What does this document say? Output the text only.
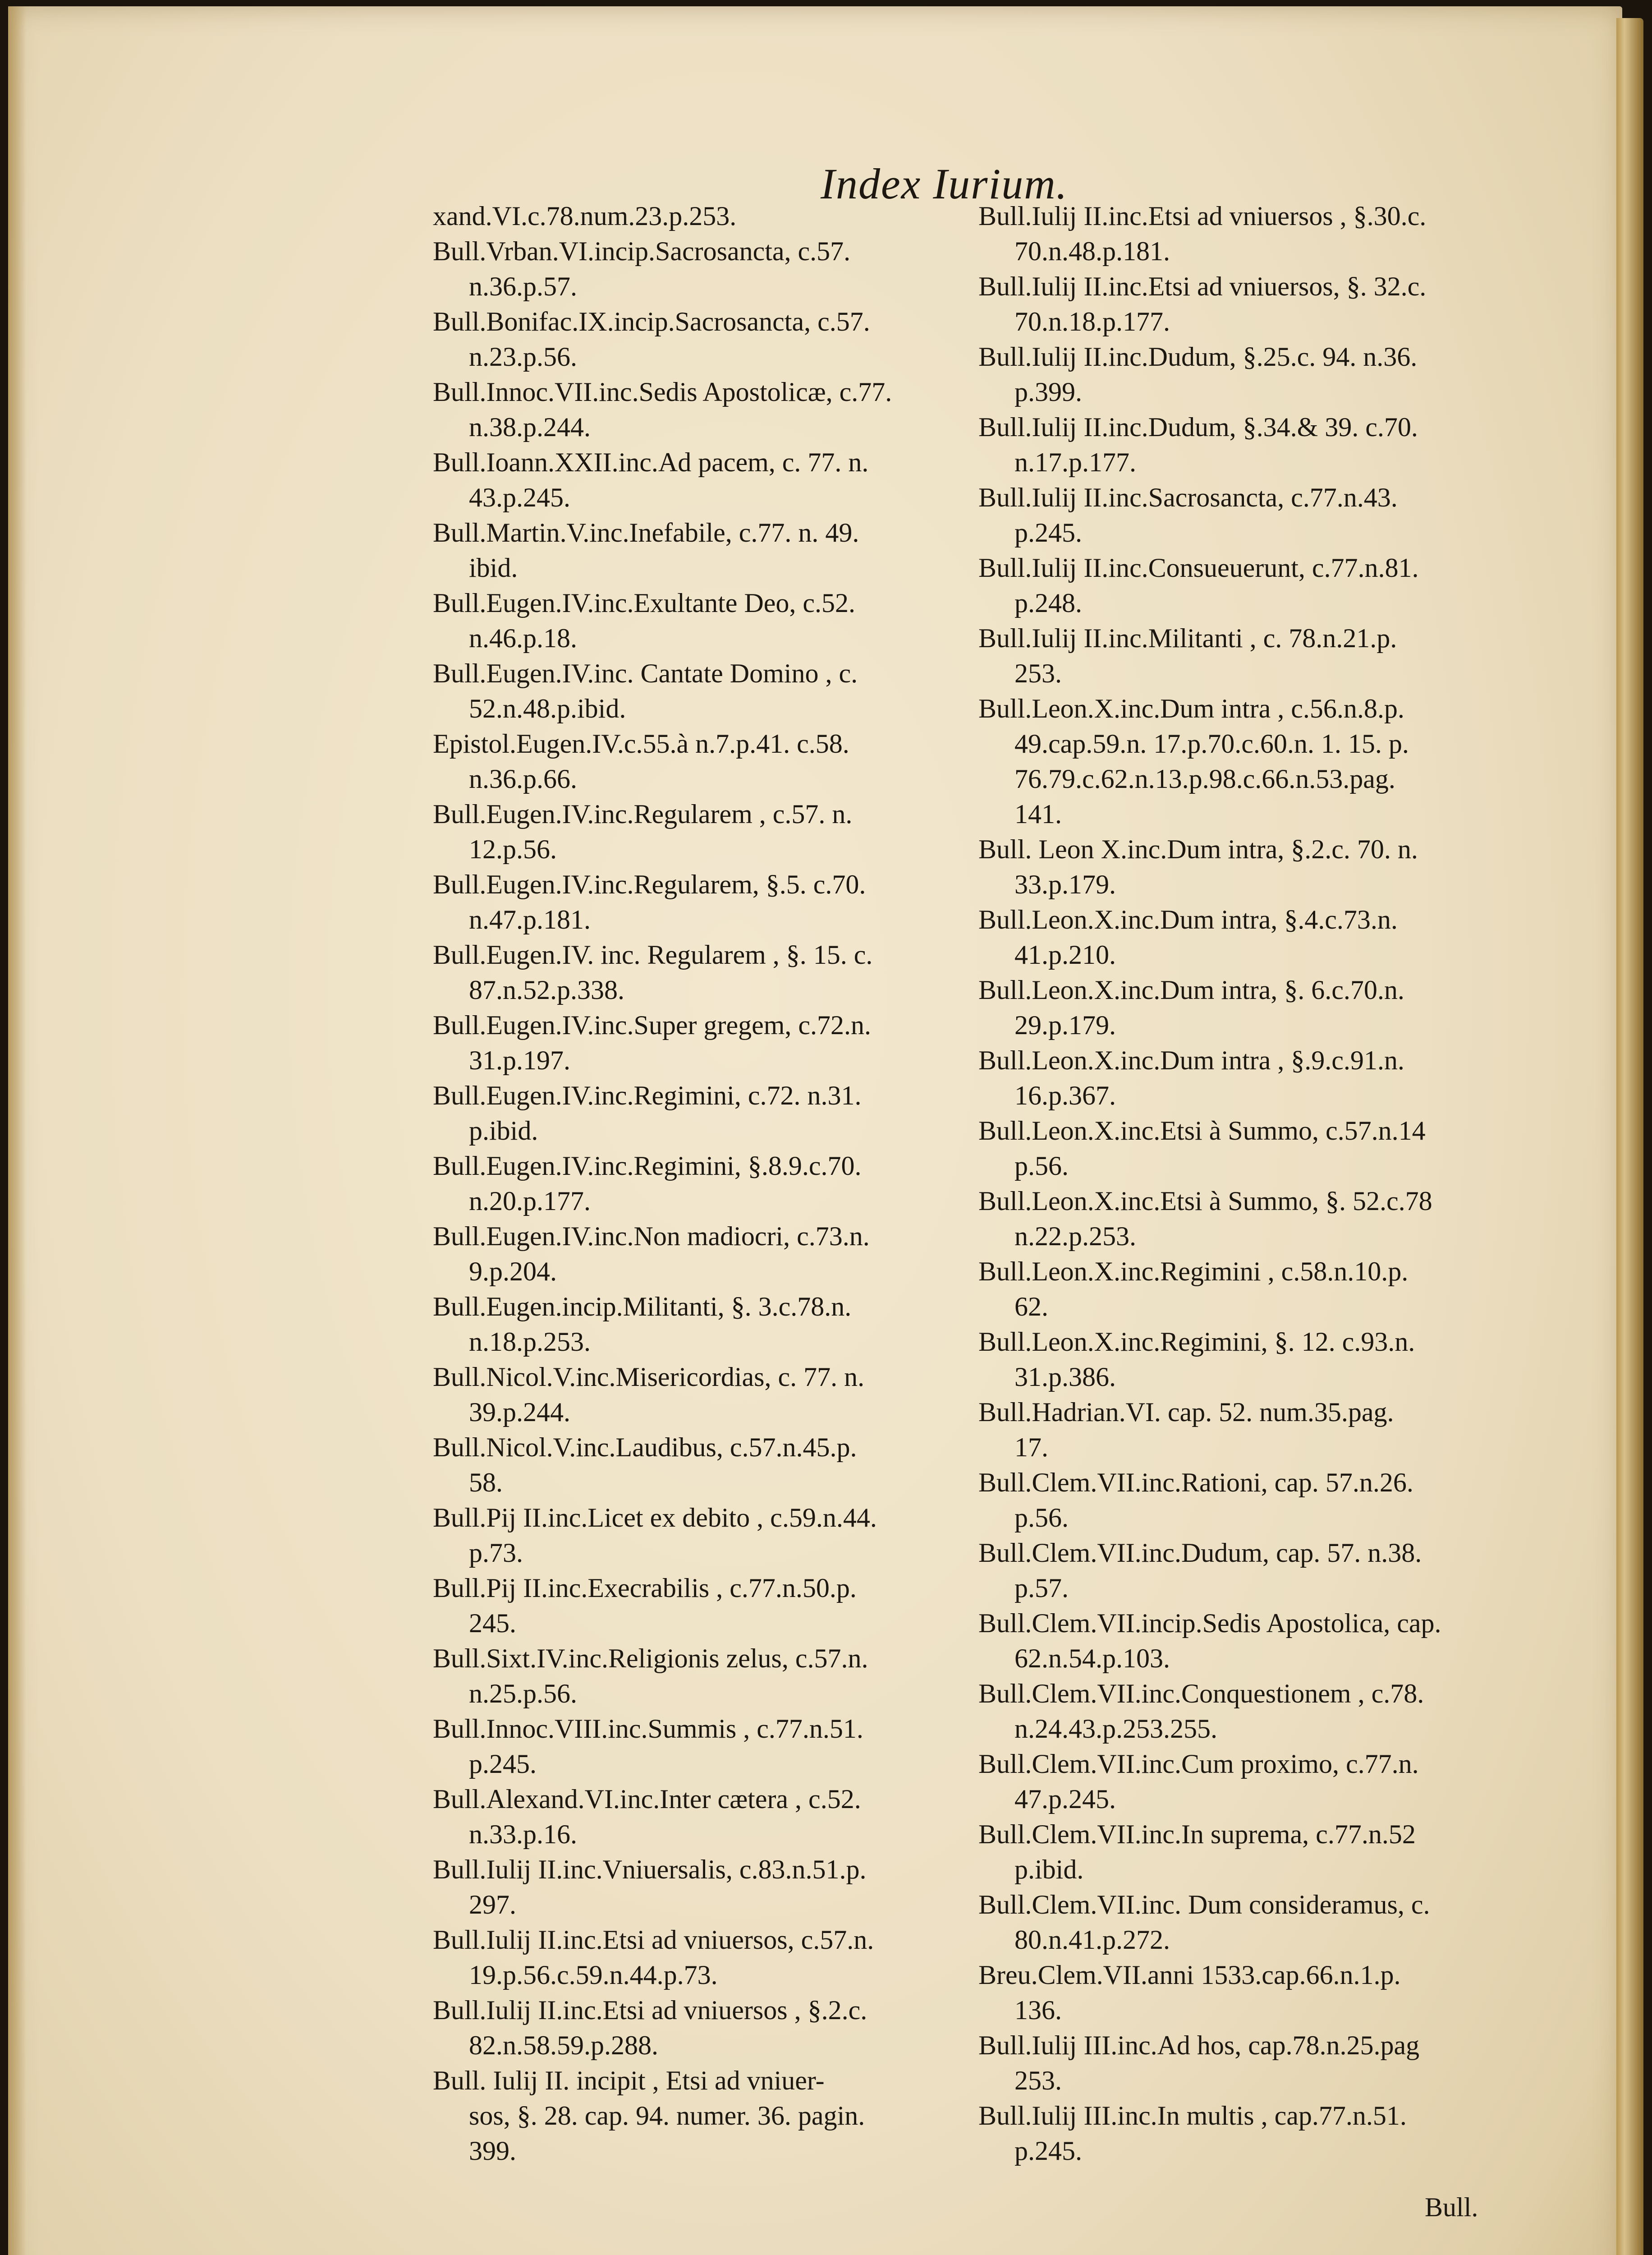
Index Iurium.
xand.VI.c.78.num.23.p.253.
Bull.Vrban.VI.incip.Sacrosancta, c.57.
n.36.p.57.
Bull.Bonifac.IX.incip.Sacrosancta, c.57.
n.23.p.56.
Bull.Innoc.VII.inc.Sedis Apostolicæ, c.77.
n.38.p.244.
Bull.Ioann.XXII.inc.Ad pacem, c. 77. n.
43.p.245.
Bull.Martin.V.inc.Inefabile, c.77. n. 49.
ibid.
Bull.Eugen.IV.inc.Exultante Deo, c.52.
n.46.p.18.
Bull.Eugen.IV.inc. Cantate Domino , c.
52.n.48.p.ibid.
Epistol.Eugen.IV.c.55.à n.7.p.41. c.58.
n.36.p.66.
Bull.Eugen.IV.inc.Regularem , c.57. n.
12.p.56.
Bull.Eugen.IV.inc.Regularem, §.5. c.70.
n.47.p.181.
Bull.Eugen.IV. inc. Regularem , §. 15. c.
87.n.52.p.338.
Bull.Eugen.IV.inc.Super gregem, c.72.n.
31.p.197.
Bull.Eugen.IV.inc.Regimini, c.72. n.31.
p.ibid.
Bull.Eugen.IV.inc.Regimini, §.8.9.c.70.
n.20.p.177.
Bull.Eugen.IV.inc.Non madiocri, c.73.n.
9.p.204.
Bull.Eugen.incip.Militanti, §. 3.c.78.n.
n.18.p.253.
Bull.Nicol.V.inc.Misericordias, c. 77. n.
39.p.244.
Bull.Nicol.V.inc.Laudibus, c.57.n.45.p.
58.
Bull.Pij II.inc.Licet ex debito , c.59.n.44.
p.73.
Bull.Pij II.inc.Execrabilis , c.77.n.50.p.
245.
Bull.Sixt.IV.inc.Religionis zelus, c.57.n.
n.25.p.56.
Bull.Innoc.VIII.inc.Summis , c.77.n.51.
p.245.
Bull.Alexand.VI.inc.Inter cætera , c.52.
n.33.p.16.
Bull.Iulij II.inc.Vniuersalis, c.83.n.51.p.
297.
Bull.Iulij II.inc.Etsi ad vniuersos, c.57.n.
19.p.56.c.59.n.44.p.73.
Bull.Iulij II.inc.Etsi ad vniuersos , §.2.c.
82.n.58.59.p.288.
Bull. Iulij II. incipit , Etsi ad vniuer-
sos, §. 28. cap. 94. numer. 36. pagin.
399.
Bull.Iulij II.inc.Etsi ad vniuersos , §.30.c.
70.n.48.p.181.
Bull.Iulij II.inc.Etsi ad vniuersos, §. 32.c.
70.n.18.p.177.
Bull.Iulij II.inc.Dudum, §.25.c. 94. n.36.
p.399.
Bull.Iulij II.inc.Dudum, §.34.& 39. c.70.
n.17.p.177.
Bull.Iulij II.inc.Sacrosancta, c.77.n.43.
p.245.
Bull.Iulij II.inc.Consueuerunt, c.77.n.81.
p.248.
Bull.Iulij II.inc.Militanti , c. 78.n.21.p.
253.
Bull.Leon.X.inc.Dum intra , c.56.n.8.p.
49.cap.59.n. 17.p.70.c.60.n. 1. 15. p.
76.79.c.62.n.13.p.98.c.66.n.53.pag.
141.
Bull. Leon X.inc.Dum intra, §.2.c. 70. n.
33.p.179.
Bull.Leon.X.inc.Dum intra, §.4.c.73.n.
41.p.210.
Bull.Leon.X.inc.Dum intra, §. 6.c.70.n.
29.p.179.
Bull.Leon.X.inc.Dum intra , §.9.c.91.n.
16.p.367.
Bull.Leon.X.inc.Etsi à Summo, c.57.n.14
p.56.
Bull.Leon.X.inc.Etsi à Summo, §. 52.c.78
n.22.p.253.
Bull.Leon.X.inc.Regimini , c.58.n.10.p.
62.
Bull.Leon.X.inc.Regimini, §. 12. c.93.n.
31.p.386.
Bull.Hadrian.VI. cap. 52. num.35.pag.
17.
Bull.Clem.VII.inc.Rationi, cap. 57.n.26.
p.56.
Bull.Clem.VII.inc.Dudum, cap. 57. n.38.
p.57.
Bull.Clem.VII.incip.Sedis Apostolica, cap.
62.n.54.p.103.
Bull.Clem.VII.inc.Conquestionem , c.78.
n.24.43.p.253.255.
Bull.Clem.VII.inc.Cum proximo, c.77.n.
47.p.245.
Bull.Clem.VII.inc.In suprema, c.77.n.52
p.ibid.
Bull.Clem.VII.inc. Dum consideramus, c.
80.n.41.p.272.
Breu.Clem.VII.anni 1533.cap.66.n.1.p.
136.
Bull.Iulij III.inc.Ad hos, cap.78.n.25.pag
253.
Bull.Iulij III.inc.In multis , cap.77.n.51.
p.245.
Bull.
